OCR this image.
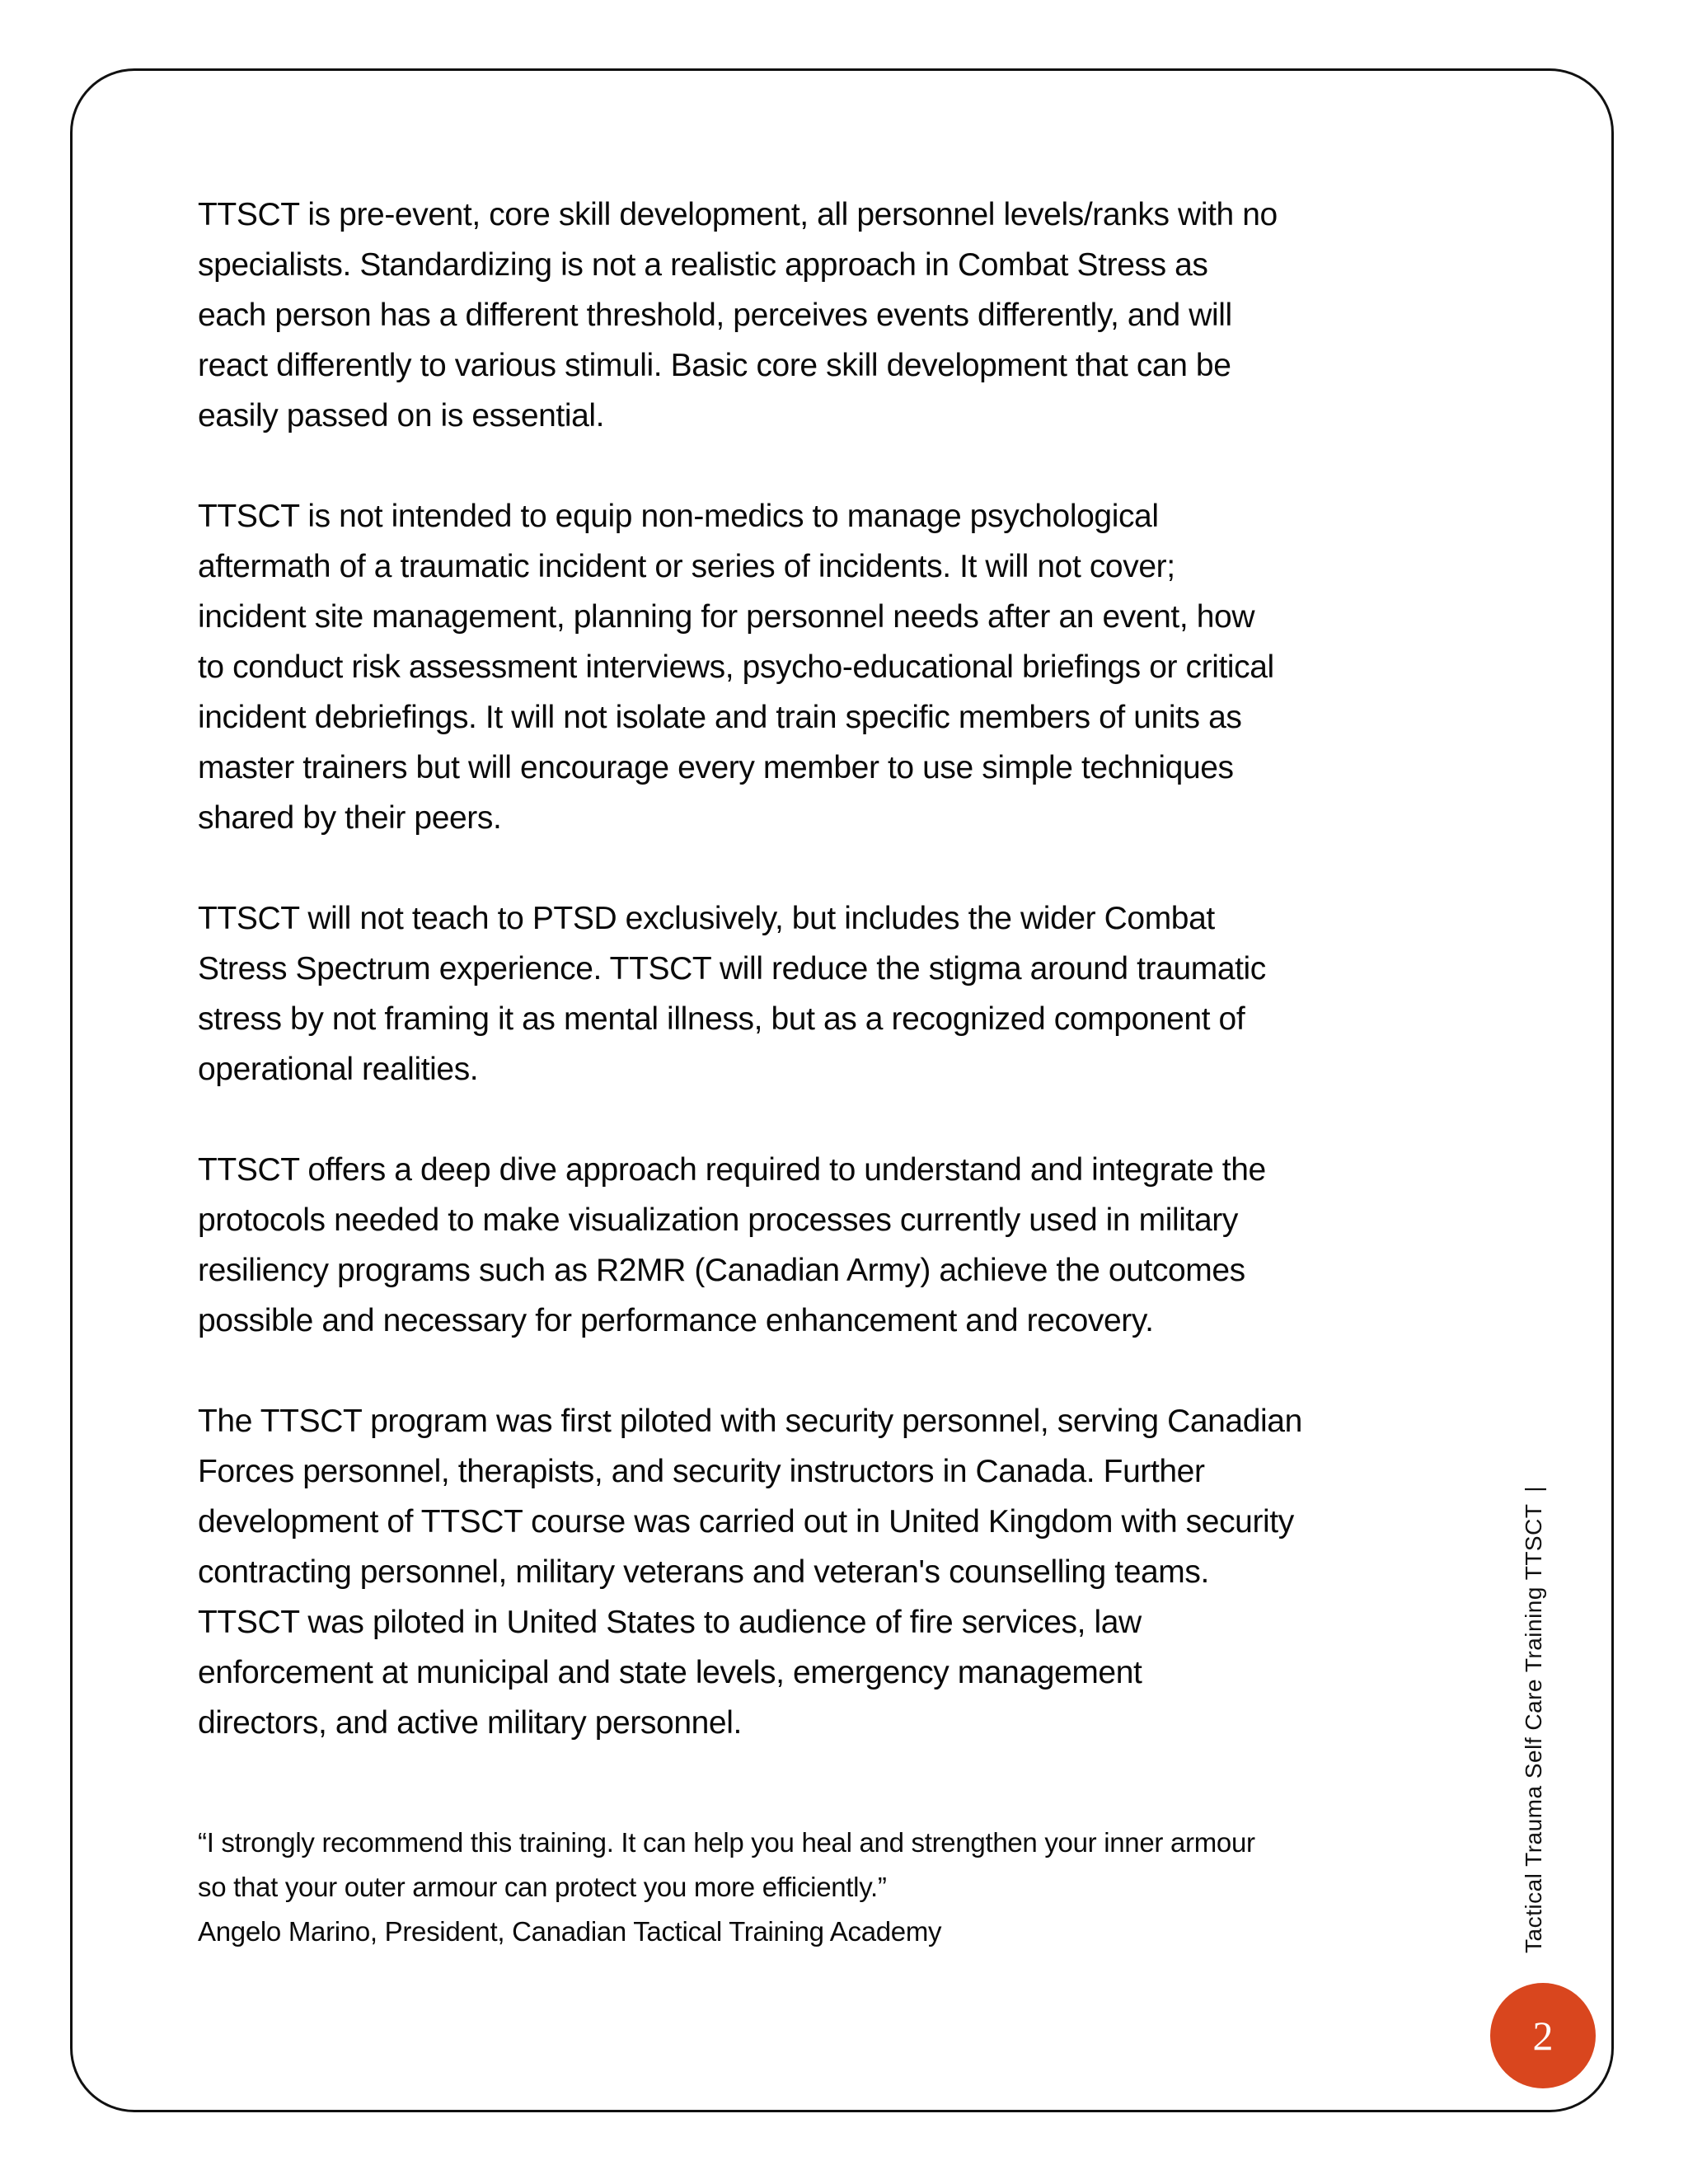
TTSCT is pre-event, core skill development, all personnel levels/ranks with no
specialists. Standardizing is not a realistic approach in Combat Stress as
each person has a different threshold, perceives events differently, and will
react differently to various stimuli. Basic core skill development that can be
easily passed on is essential.
TTSCT is not intended to equip non-medics to manage psychological
aftermath of a traumatic incident or series of incidents. It will not cover;
incident site management, planning for personnel needs after an event, how
to conduct risk assessment interviews, psycho-educational briefings or critical
incident debriefings. It will not isolate and train specific members of units as
master trainers but will encourage every member to use simple techniques
shared by their peers.
TTSCT will not teach to PTSD exclusively, but includes the wider Combat
Stress Spectrum experience. TTSCT will reduce the stigma around traumatic
stress by not framing it as mental illness, but as a recognized component of
operational realities.
TTSCT offers a deep dive approach required to understand and integrate the
protocols needed to make visualization processes currently used in military
resiliency programs such as R2MR (Canadian Army) achieve the outcomes
possible and necessary for performance enhancement and recovery.
The TTSCT program was first piloted with security personnel, serving Canadian
Forces personnel, therapists, and security instructors in Canada. Further
development of TTSCT course was carried out in United Kingdom with security
contracting personnel, military veterans and veteran's counselling teams.
TTSCT was piloted in United States to audience of fire services, law
enforcement at municipal and state levels, emergency management
directors, and active military personnel.
“I strongly recommend this training. It can help you heal and strengthen your inner armour
so that your outer armour can protect you more efficiently.”
Angelo Marino, President, Canadian Tactical Training Academy	Tactical Trauma Self Care Training TTSCT|
2
